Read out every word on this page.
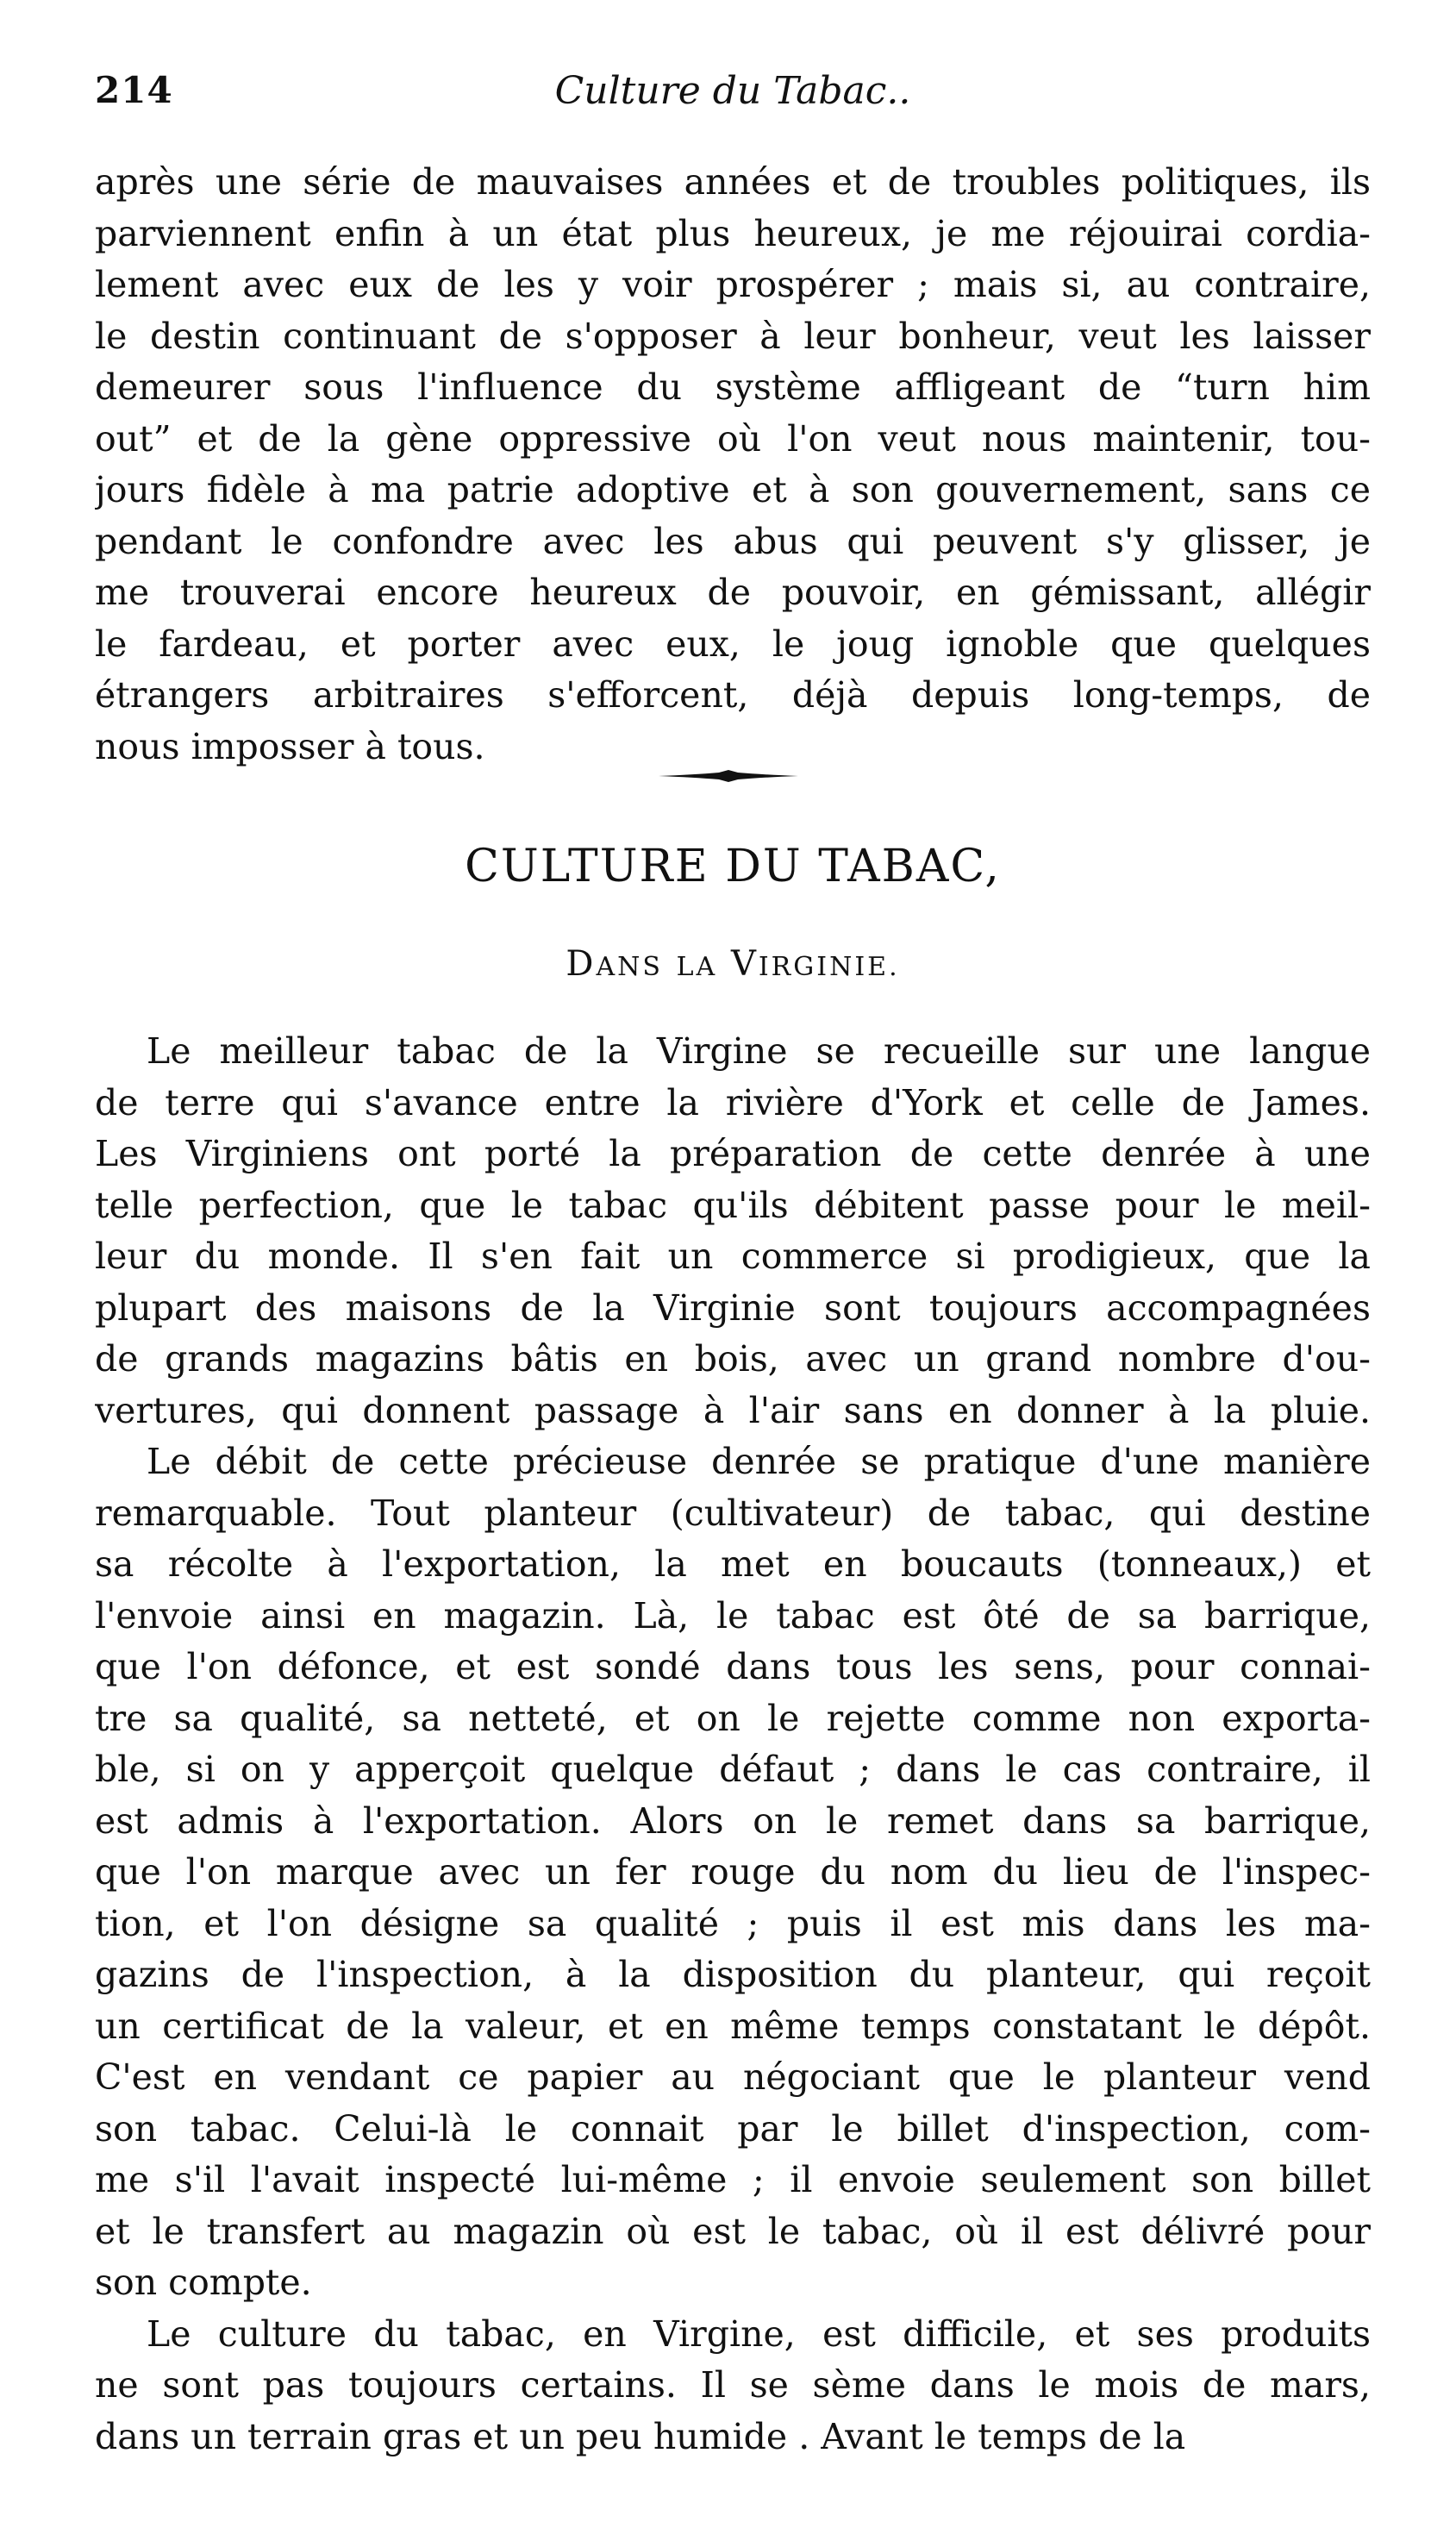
214	Culture du Tabac..
après une série de mauvaises années et de troubles politiques, ils
parviennent enfin à un état plus heureux, je me réjouirai cordia-
lement avec eux de les y voir prospérer ; mais si, au contraire,
le destin continuant de s'opposer à leur bonheur, veut les laisser
demeurer sous l'influence du système affligeant de “turn him
out” et de la gène oppressive où l'on veut nous maintenir, tou-
jours fidèle à ma patrie adoptive et à son gouvernement, sans ce
pendant le confondre avec les abus qui peuvent s'y glisser, je
me trouverai encore heureux de pouvoir, en gémissant, allégir
le fardeau, et porter avec eux, le joug ignoble que quelques
étrangers arbitraires s'efforcent, déjà depuis long-temps, de
nous imposser à tous.
CULTURE DU TABAC,
DANS LA VIRGINIE.
Le meilleur tabac de la Virgine se recueille sur une langue
de terre qui s'avance entre la rivière d'York et celle de James.
Les Virginiens ont porté la préparation de cette denrée à une
telle perfection, que le tabac qu'ils débitent passe pour le meil-
leur du monde. Il s'en fait un commerce si prodigieux, que la
plupart des maisons de la Virginie sont toujours accompagnées
de grands magazins bâtis en bois, avec un grand nombre d'ou-
vertures, qui donnent passage à l'air sans en donner à la pluie.
Le débit de cette précieuse denrée se pratique d'une manière
remarquable. Tout planteur (cultivateur) de tabac, qui destine
sa récolte à l'exportation, la met en boucauts (tonneaux,) et
l'envoie ainsi en magazin. Là, le tabac est ôté de sa barrique,
que l'on défonce, et est sondé dans tous les sens, pour connai-
tre sa qualité, sa netteté, et on le rejette comme non exporta-
ble, si on y apperçoit quelque défaut ; dans le cas contraire, il
est admis à l'exportation. Alors on le remet dans sa barrique,
que l'on marque avec un fer rouge du nom du lieu de l'inspec-
tion, et l'on désigne sa qualité ; puis il est mis dans les ma-
gazins de l'inspection, à la disposition du planteur, qui reçoit
un certificat de la valeur, et en même temps constatant le dépôt.
C'est en vendant ce papier au négociant que le planteur vend
son tabac. Celui-là le connait par le billet d'inspection, com-
me s'il l'avait inspecté lui-même ; il envoie seulement son billet
et le transfert au magazin où est le tabac, où il est délivré pour
son compte.
Le culture du tabac, en Virgine, est difficile, et ses produits
ne sont pas toujours certains. Il se sème dans le mois de mars,
dans un terrain gras et un peu humide . Avant le temps de la
